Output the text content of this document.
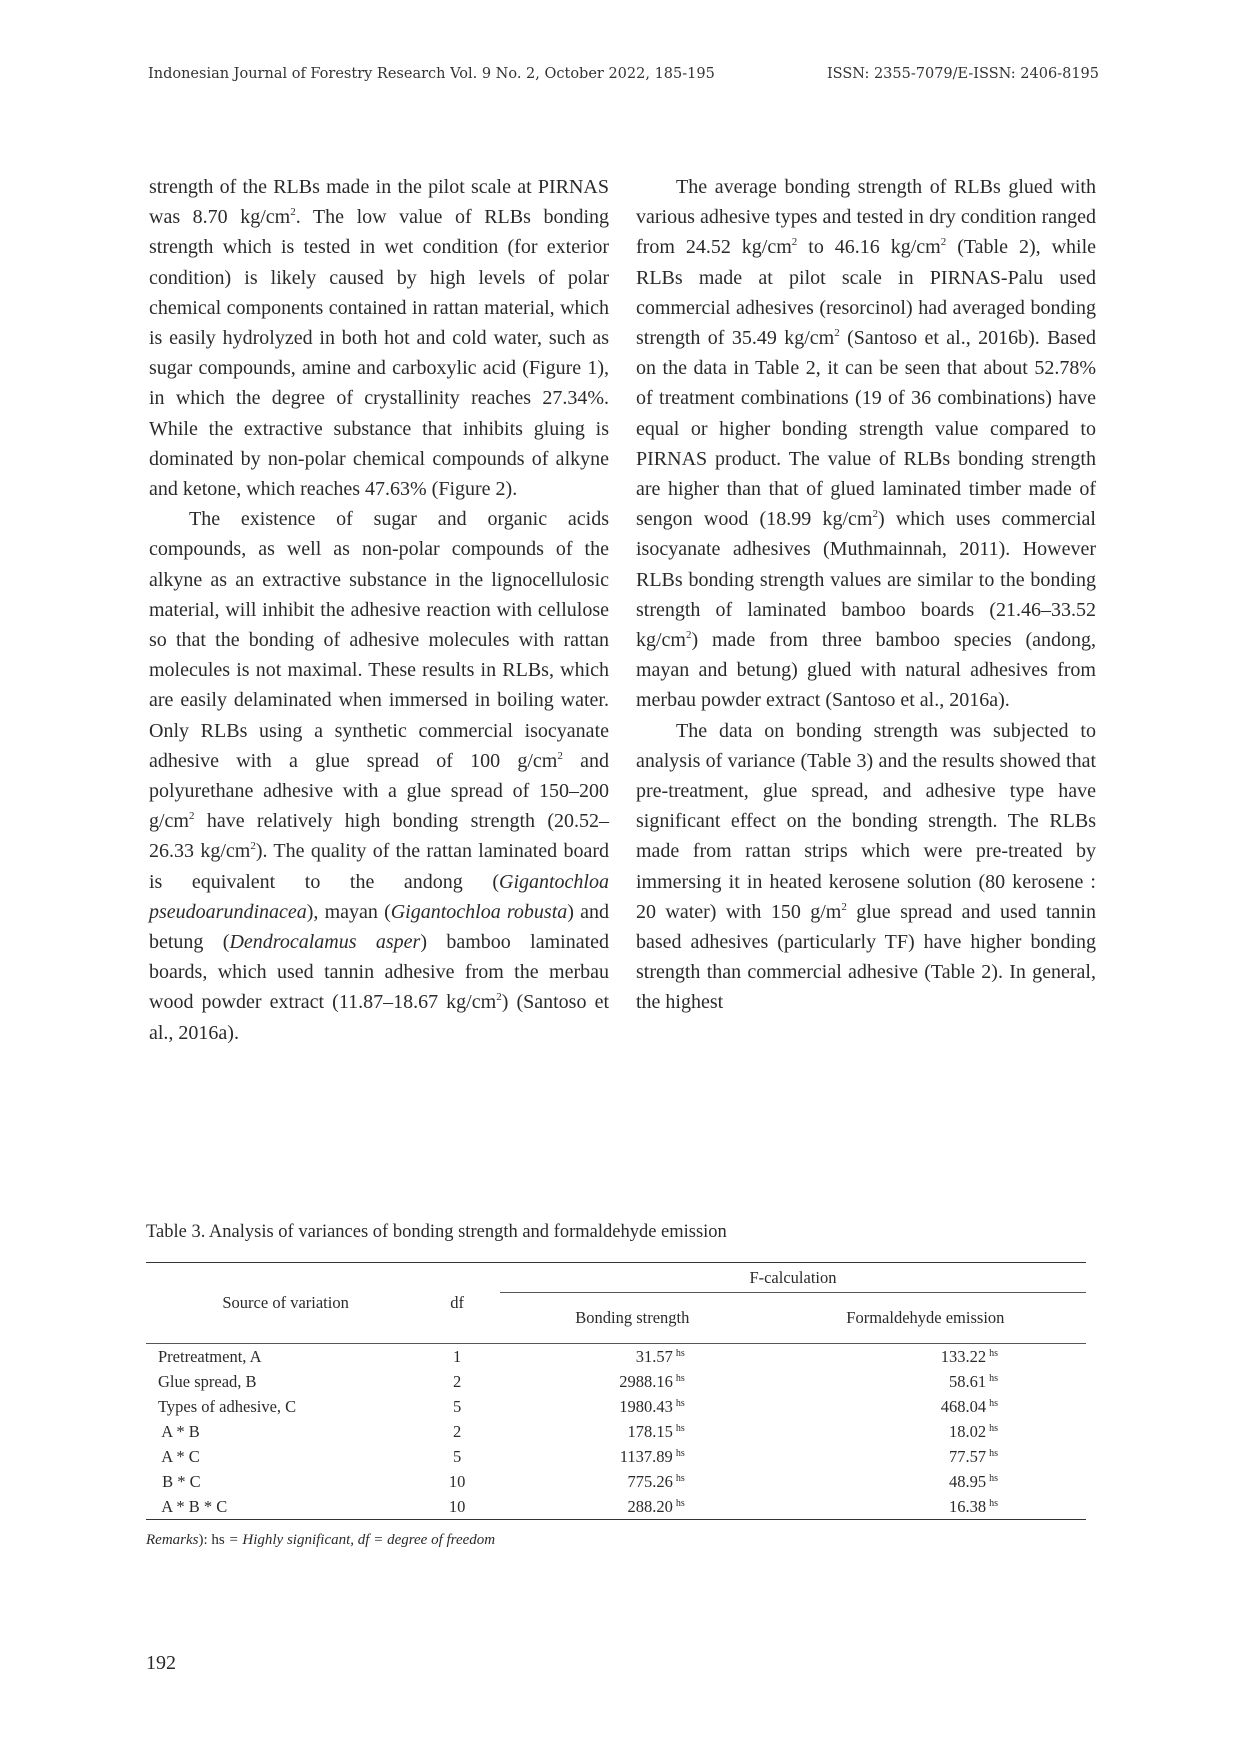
Indonesian Journal of Forestry Research Vol. 9 No. 2, October 2022, 185-195	ISSN: 2355-7079/E-ISSN: 2406-8195

strength of the RLBs made in the pilot scale at PIRNAS was 8.70 $kg/cm^2$. The low value of RLBs bonding strength which is tested in wet condition (for exterior condition) is likely caused by high levels of polar chemical components contained in rattan material, which is easily hydrolyzed in both hot and cold water, such as sugar compounds, amine and carboxylic acid (Figure 1), in which the degree of crystallinity reaches 27.34%. While the extractive substance that inhibits gluing is dominated by non-polar chemical compounds of alkyne and ketone, which reaches 47.63% (Figure 2).

The existence of sugar and organic acids compounds, as well as non-polar compounds of the alkyne as an extractive substance in the lignocellulosic material, will inhibit the adhesive reaction with cellulose so that the bonding of adhesive molecules with rattan molecules is not maximal. These results in RLBs, which are easily delaminated when immersed in boiling water. Only RLBs using a synthetic commercial isocyanate adhesive with a glue spread of 100 $g/cm^2$ and polyurethane adhesive with a glue spread of 150–200 $g/cm^2$ have relatively high bonding strength (20.52–26.33 $kg/cm^2$). The quality of the rattan laminated board is equivalent to the andong (Gigantochloa pseudoarundinacea), mayan (Gigantochloa robusta) and betung (Dendrocalamus asper) bamboo laminated boards, which used tannin adhesive from the merbau wood powder extract (11.87–18.67 $kg/cm^2$) (Santoso et al., 2016a).

The average bonding strength of RLBs glued with various adhesive types and tested in dry condition ranged from 24.52 $kg/cm^2$ to 46.16 $kg/cm^2$ (Table 2), while RLBs made at pilot scale in PIRNAS-Palu used commercial adhesives (resorcinol) had averaged bonding strength of 35.49 $kg/cm^2$ (Santoso et al., 2016b). Based on the data in Table 2, it can be seen that about 52.78% of treatment combinations (19 of 36 combinations) have equal or higher bonding strength value compared to PIRNAS product. The value of RLBs bonding strength are higher than that of glued laminated timber made of sengon wood (18.99 $kg/cm^2$) which uses commercial isocyanate adhesives (Muthmainnah, 2011). However RLBs bonding strength values are similar to the bonding strength of laminated bamboo boards (21.46–33.52 $kg/cm^2$) made from three bamboo species (andong, mayan and betung) glued with natural adhesives from merbau powder extract (Santoso et al., 2016a).

The data on bonding strength was subjected to analysis of variance (Table 3) and the results showed that pre-treatment, glue spread, and adhesive type have significant effect on the bonding strength. The RLBs made from rattan strips which were pre-treated by immersing it in heated kerosene solution (80 kerosene : 20 water) with 150 $g/m^2$ glue spread and used tannin based adhesives (particularly TF) have higher bonding strength than commercial adhesive (Table 2). In general, the highest

Table 3. Analysis of variances of bonding strength and formaldehyde emission
Source of variation	df	F-calculation	
		Bonding strength	Formaldehyde emission
Pretreatment, A	1	31.57 $^{hs}$	133.22 $^{hs}$
Glue spread, B	2	2988.16 $^{hs}$	58.61 $^{hs}$
Types of adhesive, C	5	1980.43 $^{hs}$	468.04 $^{hs}$
A * B	2	178.15 $^{hs}$	18.02 $^{hs}$
A * C	5	1137.89 $^{hs}$	77.57 $^{hs}$
B * C	10	775.26 $^{hs}$	48.95 $^{hs}$
A * B * C	10	288.20 $^{hs}$	16.38 $^{hs}$
Remarks): hs = Highly significant, df = degree of freedom
192
